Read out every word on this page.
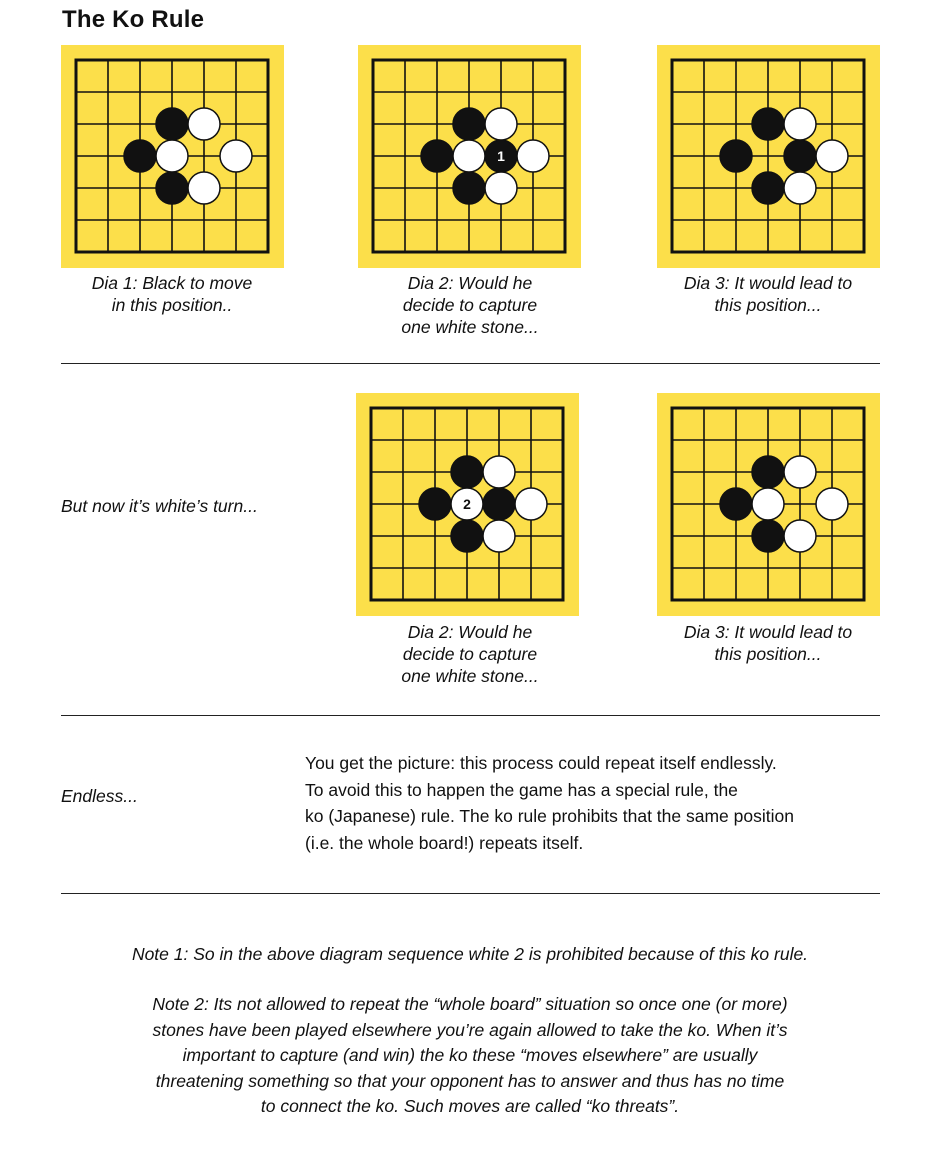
The Ko Rule
1
2
Dia 1: Black to move
in this position..
Dia 2: Would he
decide to capture
one white stone...
Dia 3: It would lead to
this position...
But now it’s white’s turn...
Dia 2: Would he
decide to capture
one white stone...
Dia 3: It would lead to
this position...
Endless...
You get the picture: this process could repeat itself endlessly.
To avoid this to happen the game has a special rule, the
ko (Japanese) rule. The ko rule prohibits that the same position
(i.e. the whole board!) repeats itself.
Note 1: So in the above diagram sequence white 2 is prohibited because of this ko rule.
Note 2: Its not allowed to repeat the “whole board” situation so once one (or more)
stones have been played elsewhere you’re again allowed to take the ko. When it’s
important to capture (and win) the ko these “moves elsewhere” are usually
threatening something so that your opponent has to answer and thus has no time
to connect the ko. Such moves are called “ko threats”.
